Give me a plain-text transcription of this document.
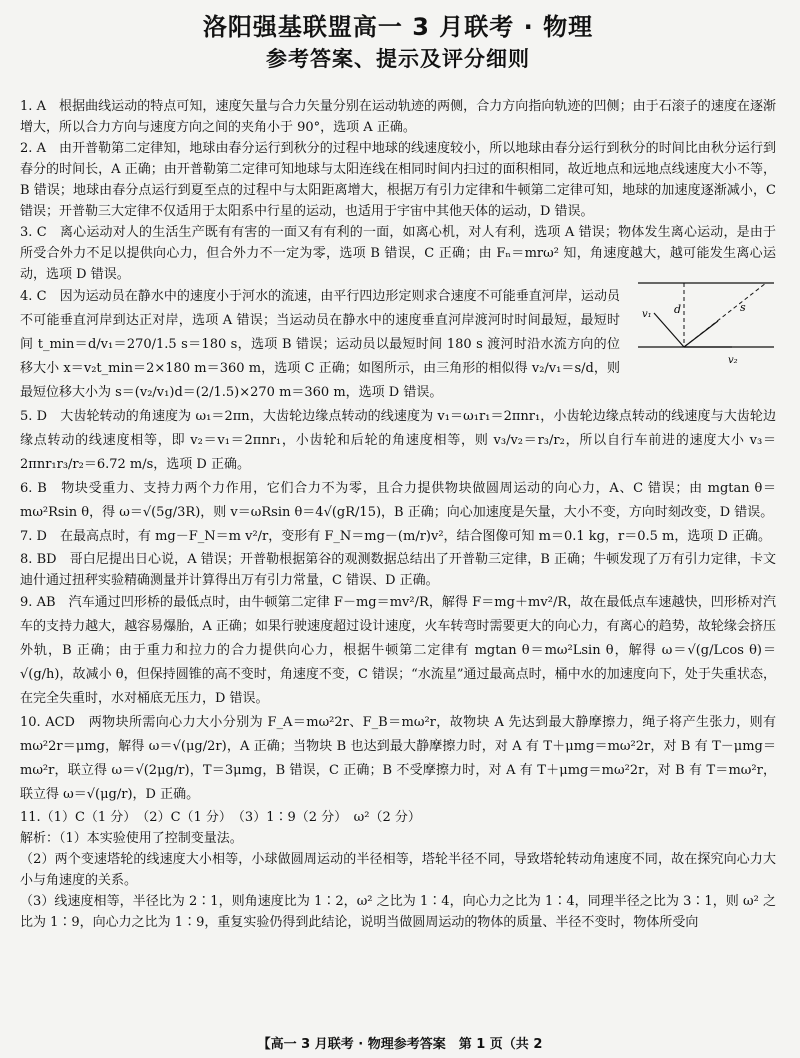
洛阳强基联盟高一 3 月联考 · 物理
参考答案、提示及评分细则

1. A　根据曲线运动的特点可知，速度矢量与合力矢量分别在运动轨迹的两侧，合力方向指向轨迹的凹侧；由于石滚子的速度在逐渐增大，所以合力方向与速度方向之间的夹角小于 90°，选项 A 正确。

2. A　由开普勒第二定律知，地球由春分运行到秋分的过程中地球的线速度较小，所以地球由春分运行到秋分的时间比由秋分运行到春分的时间长，A 正确；由开普勒第二定律可知地球与太阳连线在相同时间内扫过的面积相同，故近地点和远地点线速度大小不等，B 错误；地球由春分点运行到夏至点的过程中与太阳距离增大，根据万有引力定律和牛顿第二定律可知，地球的加速度逐渐减小，C 错误；开普勒三大定律不仅适用于太阳系中行星的运动，也适用于宇宙中其他天体的运动，D 错误。

3. C　离心运动对人的生活生产既有有害的一面又有有利的一面，如离心机，对人有利，选项 A 错误；物体发生离心运动，是由于所受合外力不足以提供向心力，但合外力不一定为零，选项 B 错误，C 正确；由 Fₙ＝mrω² 知，角速度越大，越可能发生离心运动，选项 D 错误。

4. C　因为运动员在静水中的速度小于河水的流速，由平行四边形定则求合速度不可能垂直河岸，运动员不可能垂直河岸到达正对岸，选项 A 错误；当运动员在静水中的速度垂直河岸渡河时时间最短，最短时间 t_min＝d/v₁＝270/1.5 s＝180 s，选项 B 错误；运动员以最短时间 180 s 渡河时沿水流方向的位移大小 x＝v₂t_min＝2×180 m＝360 m，选项 C 正确；如图所示，由三角形的相似得 v₂/v₁＝s/d，则最短位移大小为 s＝(v₂/v₁)d＝(2/1.5)×270 m＝360 m，选项 D 错误。

d	s
v₁
v₂

5. D　大齿轮转动的角速度为 ω₁＝2πn，大齿轮边缘点转动的线速度为 v₁＝ω₁r₁＝2πnr₁，小齿轮边缘点转动的线速度与大齿轮边缘点转动的线速度相等，即 v₂＝v₁＝2πnr₁，小齿轮和后轮的角速度相等，则 v₃/v₂＝r₃/r₂，所以自行车前进的速度大小 v₃＝2πnr₁r₃/r₂＝6.72 m/s，选项 D 正确。

6. B　物块受重力、支持力两个力作用，它们合力不为零，且合力提供物块做圆周运动的向心力，A、C 错误；由 mgtan θ＝mω²Rsin θ，得 ω＝√(5g/3R)，则 v＝ωRsin θ＝4√(gR/15)，B 正确；向心加速度是矢量，大小不变，方向时刻改变，D 错误。

7. D　在最高点时，有 mg－F_N＝m v²/r，变形有 F_N＝mg－(m/r)v²，结合图像可知 m＝0.1 kg，r＝0.5 m，选项 D 正确。

8. BD　哥白尼提出日心说，A 错误；开普勒根据第谷的观测数据总结出了开普勒三定律，B 正确；牛顿发现了万有引力定律，卡文迪什通过扭秤实验精确测量并计算得出万有引力常量，C 错误、D 正确。

9. AB　汽车通过凹形桥的最低点时，由牛顿第二定律 F－mg＝mv²/R，解得 F＝mg＋mv²/R，故在最低点车速越快，凹形桥对汽车的支持力越大，越容易爆胎，A 正确；如果行驶速度超过设计速度，火车转弯时需要更大的向心力，有离心的趋势，故轮缘会挤压外轨，B 正确；由于重力和拉力的合力提供向心力，根据牛顿第二定律有 mgtan θ＝mω²Lsin θ，解得 ω＝√(g/Lcos θ)＝√(g/h)，故减小 θ，但保持圆锥的高不变时，角速度不变，C 错误；“水流星”通过最高点时，桶中水的加速度向下，处于失重状态，在完全失重时，水对桶底无压力，D 错误。

10. ACD　两物块所需向心力大小分别为 F_A＝mω²2r、F_B＝mω²r，故物块 A 先达到最大静摩擦力，绳子将产生张力，则有 mω²2r＝μmg，解得 ω＝√(μg/2r)，A 正确；当物块 B 也达到最大静摩擦力时，对 A 有 T＋μmg＝mω²2r，对 B 有 T－μmg＝mω²r，联立得 ω＝√(2μg/r)，T＝3μmg，B 错误，C 正确；B 不受摩擦力时，对 A 有 T＋μmg＝mω²2r，对 B 有 T＝mω²r，联立得 ω＝√(μg/r)，D 正确。

11.（1）C（1 分）　（2）C（1 分）　（3）1∶9（2 分）　ω²（2 分）

解析：（1）本实验使用了控制变量法。

（2）两个变速塔轮的线速度大小相等，小球做圆周运动的半径相等，塔轮半径不同，导致塔轮转动角速度不同，故在探究向心力大小与角速度的关系。

（3）线速度相等，半径比为 2∶1，则角速度比为 1∶2，ω² 之比为 1∶4，向心力之比为 1∶4，同理半径之比为 3∶1，则 ω² 之比为 1∶9，向心力之比为 1∶9，重复实验仍得到此结论，说明当做圆周运动的物体的质量、半径不变时，物体所受向

【高一 3 月联考 · 物理参考答案　第 1 页（共 2
